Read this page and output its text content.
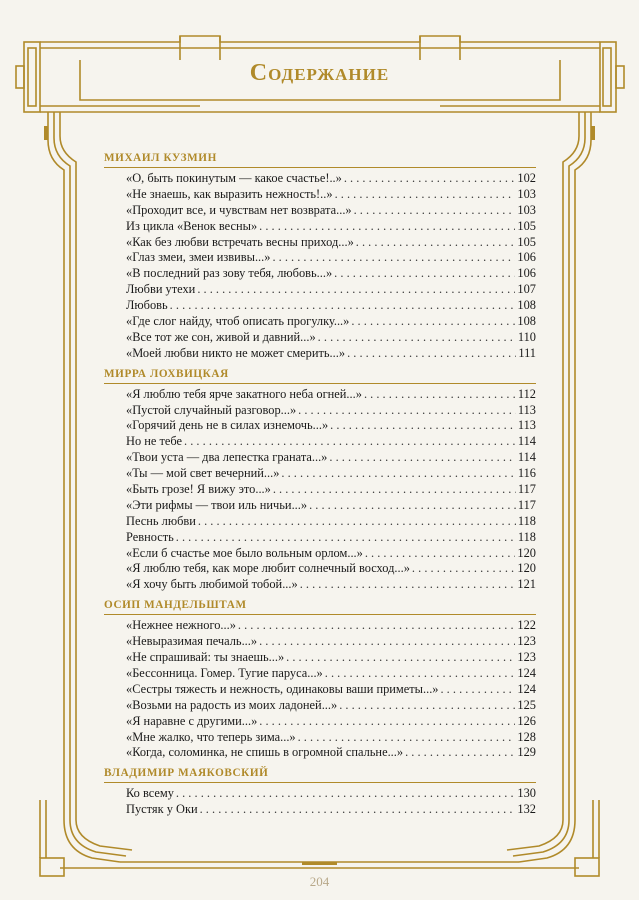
Содержание
МИХАИЛ КУЗМИН
«О, быть покинутым — какое счастье!..» . . .	102
«Не знаешь, как выразить нежность!..» . . .	103
«Проходит все, и чувствам нет возврата...» . . .	103
Из цикла «Венок весны» . . .	105
«Как без любви встречать весны приход...» . . .	105
«Глаз змеи, змеи извивы...» . . .	106
«В последний раз зову тебя, любовь...» . . .	106
Любви утехи . . .	107
Любовь . . .	108
«Где слог найду, чтоб описать прогулку...» . . .	108
«Все тот же сон, живой и давний...» . . .	110
«Моей любви никто не может смерить...» . . .	111
МИРРА ЛОХВИЦКАЯ
«Я люблю тебя ярче закатного неба огней...» . . .	112
«Пустой случайный разговор...» . . .	113
«Горячий день не в силах изнемочь...» . . .	113
Но не тебе . . .	114
«Твои уста — два лепестка граната...» . . .	114
«Ты — мой свет вечерний...» . . .	116
«Быть грозе! Я вижу это...» . . .	117
«Эти рифмы — твои иль ничьи...» . . .	117
Песнь любви . . .	118
Ревность . . .	118
«Если б счастье мое было вольным орлом...» . . .	120
«Я люблю тебя, как море любит солнечный восход...» . . .	120
«Я хочу быть любимой тобой...» . . .	121
ОСИП МАНДЕЛЬШТАМ
«Нежнее нежного...» . . .	122
«Невыразимая печаль...» . . .	123
«Не спрашивай: ты знаешь...» . . .	123
«Бессонница. Гомер. Тугие паруса...» . . .	124
«Сестры тяжесть и нежность, одинаковы ваши приметы...» . . .	124
«Возьми на радость из моих ладоней...» . . .	125
«Я наравне с другими...» . . .	126
«Мне жалко, что теперь зима...» . . .	128
«Когда, соломинка, не спишь в огромной спальне...» . . .	129
ВЛАДИМИР МАЯКОВСКИЙ
Ко всему . . .	130
Пустяк у Оки . . .	132
204
